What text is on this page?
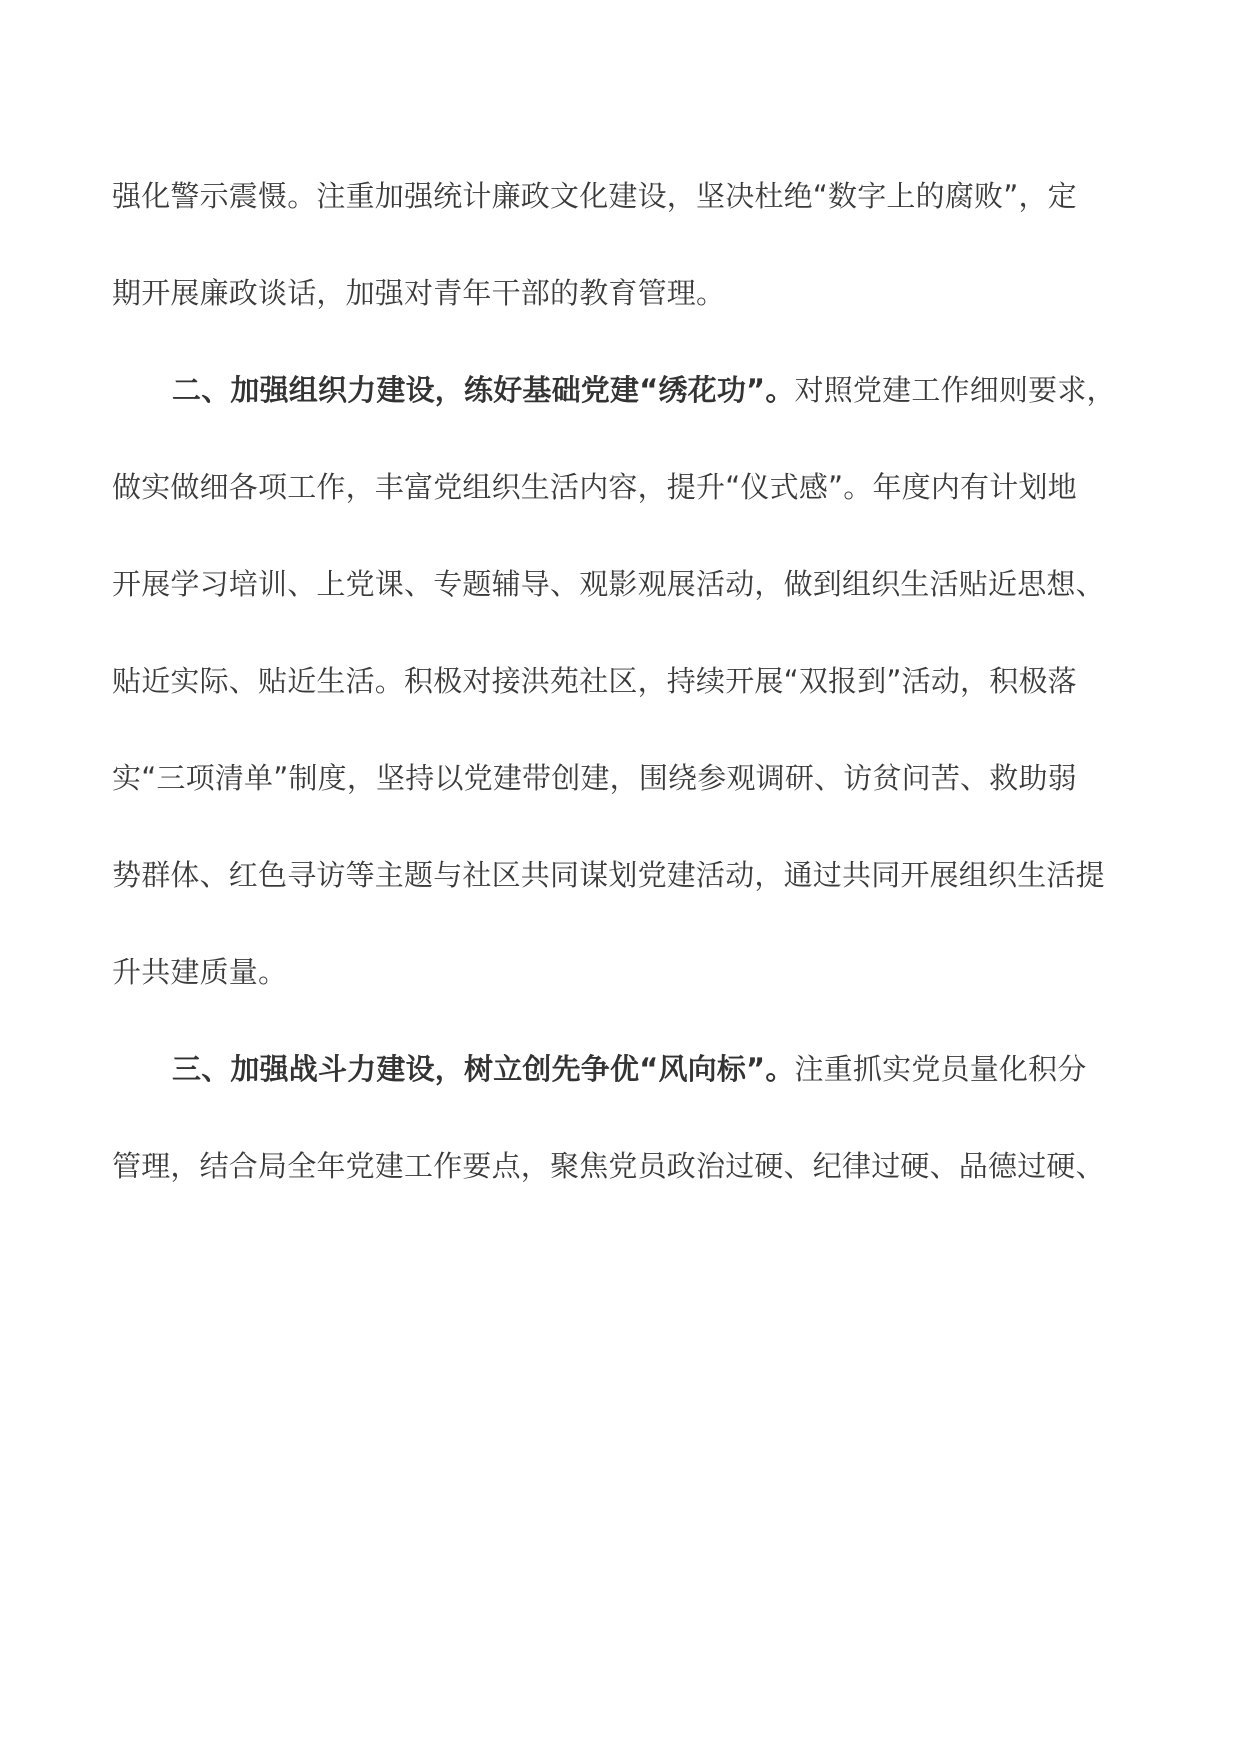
强化警示震慑。注重加强统计廉政文化建设，坚决杜绝“数字上的腐败”，定
期开展廉政谈话，加强对青年干部的教育管理。
二、加强组织力建设，练好基础党建“绣花功”。对照党建工作细则要求，
做实做细各项工作，丰富党组织生活内容，提升“仪式感”。年度内有计划地
开展学习培训、上党课、专题辅导、观影观展活动，做到组织生活贴近思想、
贴近实际、贴近生活。积极对接洪苑社区，持续开展“双报到”活动，积极落
实“三项清单”制度，坚持以党建带创建，围绕参观调研、访贫问苦、救助弱
势群体、红色寻访等主题与社区共同谋划党建活动，通过共同开展组织生活提
升共建质量。
三、加强战斗力建设，树立创先争优“风向标”。注重抓实党员量化积分
管理，结合局全年党建工作要点，聚焦党员政治过硬、纪律过硬、品德过硬、
